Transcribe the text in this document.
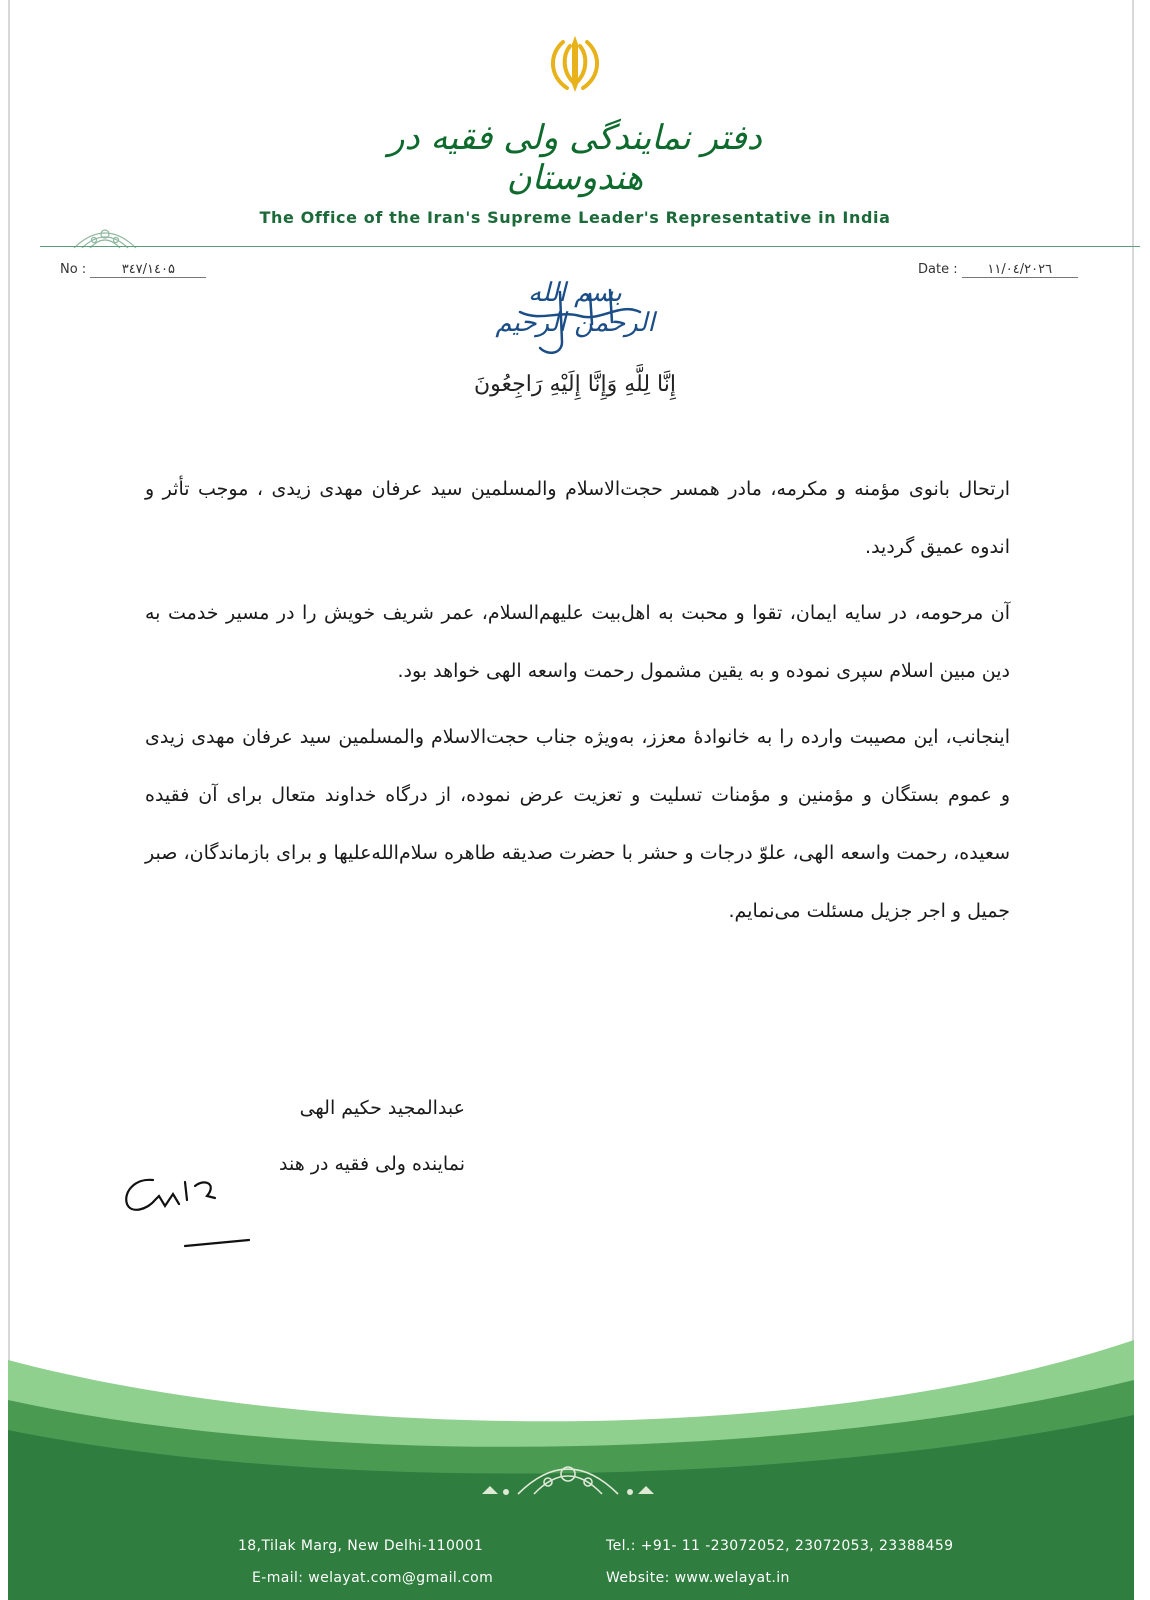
دفتر نمایندگی ولی فقیه در هندوستان
The Office of the Iran's Supreme Leader's Representative in India
No :	۳٤۷/۱٤۰۵	Date : ۱۱/۰٤/۲۰۲٦
بسم الله الرحمن الرحیم
إِنَّا لِلَّهِ وَإِنَّا إِلَيْهِ رَاجِعُونَ

ارتحال بانوی مؤمنه و مکرمه، مادر همسر حجت‌الاسلام والمسلمین سید عرفان مهدی زیدی ، موجب تأثر و اندوه عمیق گردید.

آن مرحومه، در سایه ایمان، تقوا و محبت به اهل‌بیت علیهم‌السلام، عمر شریف خویش را در مسیر خدمت به دین مبین اسلام سپری نموده و به یقین مشمول رحمت واسعه الهی خواهد بود.

اینجانب، این مصیبت وارده را به خانواده‌ٔ معزز، به‌ویژه جناب حجت‌الاسلام والمسلمین سید عرفان مهدی زیدی و عموم بستگان و مؤمنین و مؤمنات تسلیت و تعزیت عرض نموده، از درگاه خداوند متعال برای آن فقیده سعیده، رحمت واسعه الهی، علوّ درجات و حشر با حضرت صدیقه طاهره سلام‌الله‌علیها و برای بازماندگان، صبر جمیل و اجر جزیل مسئلت می‌نمایم.

عبدالمجید حکیم الهی
نماینده ولی فقیه در هند
18,Tilak Marg, New Delhi-110001
E-mail: welayat.com@gmail.com
Tel.: +91- 11 -23072052, 23072053, 23388459
Website: www.welayat.in
